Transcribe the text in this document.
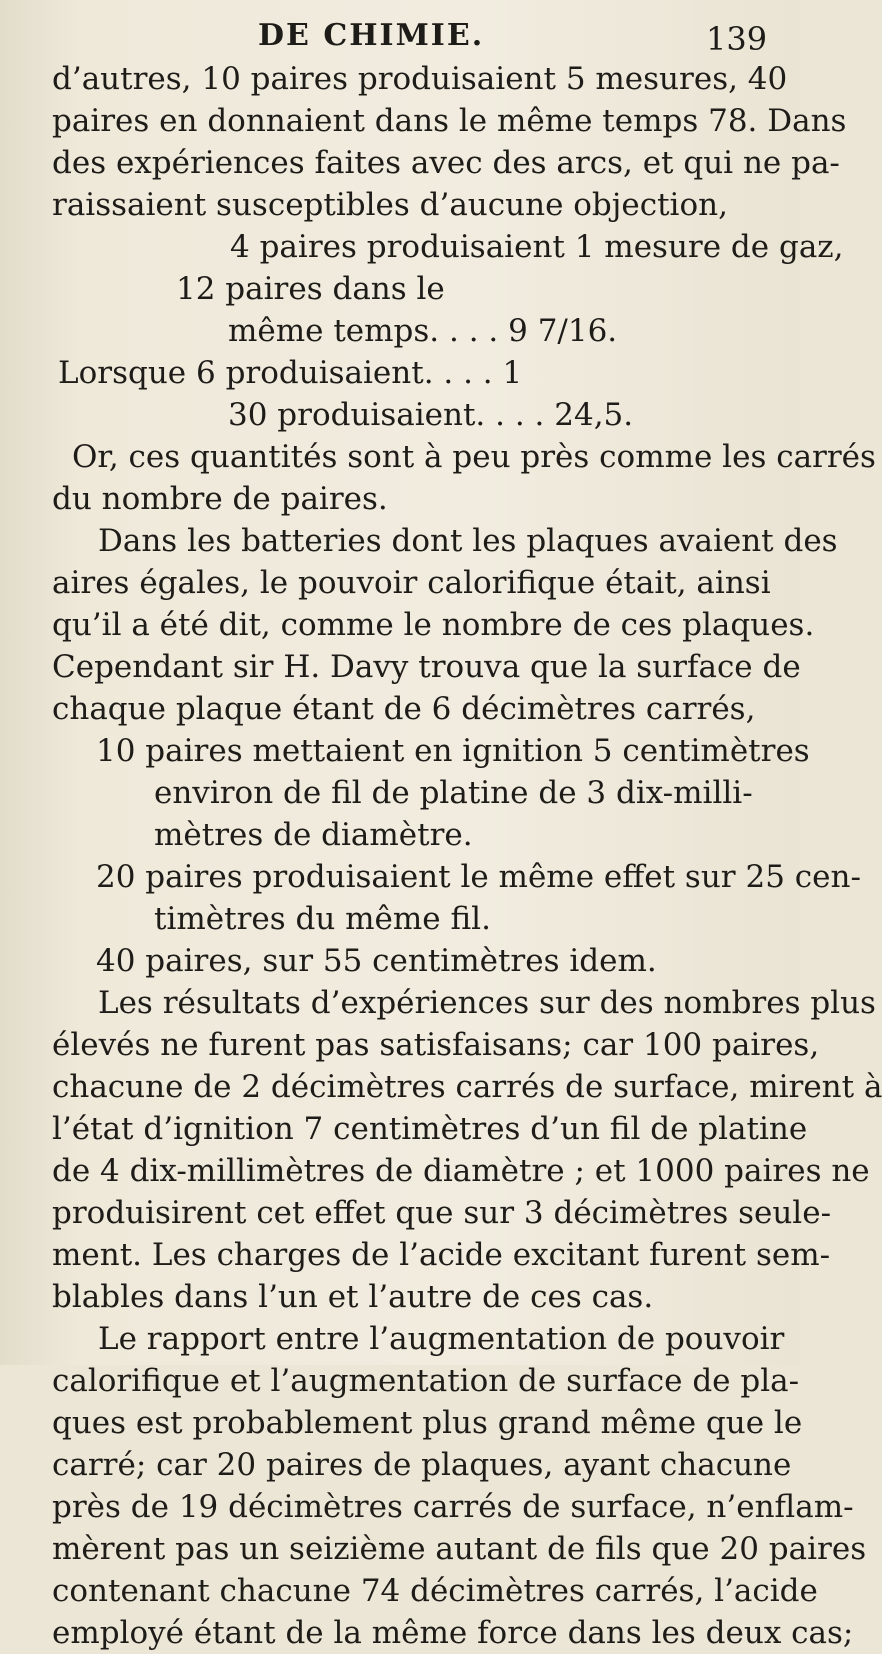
DE CHIMIE.	139
d’autres, 10 paires produisaient 5 mesures, 40
paires en donnaient dans le même temps 78. Dans
des expériences faites avec des arcs, et qui ne pa-
raissaient susceptibles d’aucune objection,
4 paires produisaient 1 mesure de gaz,
12 paires dans le
même temps. . . . 9 7/16.
Lorsque 6 produisaient. . . . 1
30 produisaient. . . . 24,5.
Or, ces quantités sont à peu près comme les carrés
du nombre de paires.
Dans les batteries dont les plaques avaient des
aires égales, le pouvoir calorifique était, ainsi
qu’il a été dit, comme le nombre de ces plaques.
Cependant sir H. Davy trouva que la surface de
chaque plaque étant de 6 décimètres carrés,
10 paires mettaient en ignition 5 centimètres
environ de fil de platine de 3 dix-milli-
mètres de diamètre.
20 paires produisaient le même effet sur 25 cen-
timètres du même fil.
40 paires, sur 55 centimètres idem.
Les résultats d’expériences sur des nombres plus
élevés ne furent pas satisfaisans; car 100 paires,
chacune de 2 décimètres carrés de surface, mirent à
l’état d’ignition 7 centimètres d’un fil de platine
de 4 dix-millimètres de diamètre ; et 1000 paires ne
produisirent cet effet que sur 3 décimètres seule-
ment. Les charges de l’acide excitant furent sem-
blables dans l’un et l’autre de ces cas.
Le rapport entre l’augmentation de pouvoir
calorifique et l’augmentation de surface de pla-
ques est probablement plus grand même que le
carré; car 20 paires de plaques, ayant chacune
près de 19 décimètres carrés de surface, n’enflam-
mèrent pas un seizième autant de fils que 20 paires
contenant chacune 74 décimètres carrés, l’acide
employé étant de la même force dans les deux cas;
